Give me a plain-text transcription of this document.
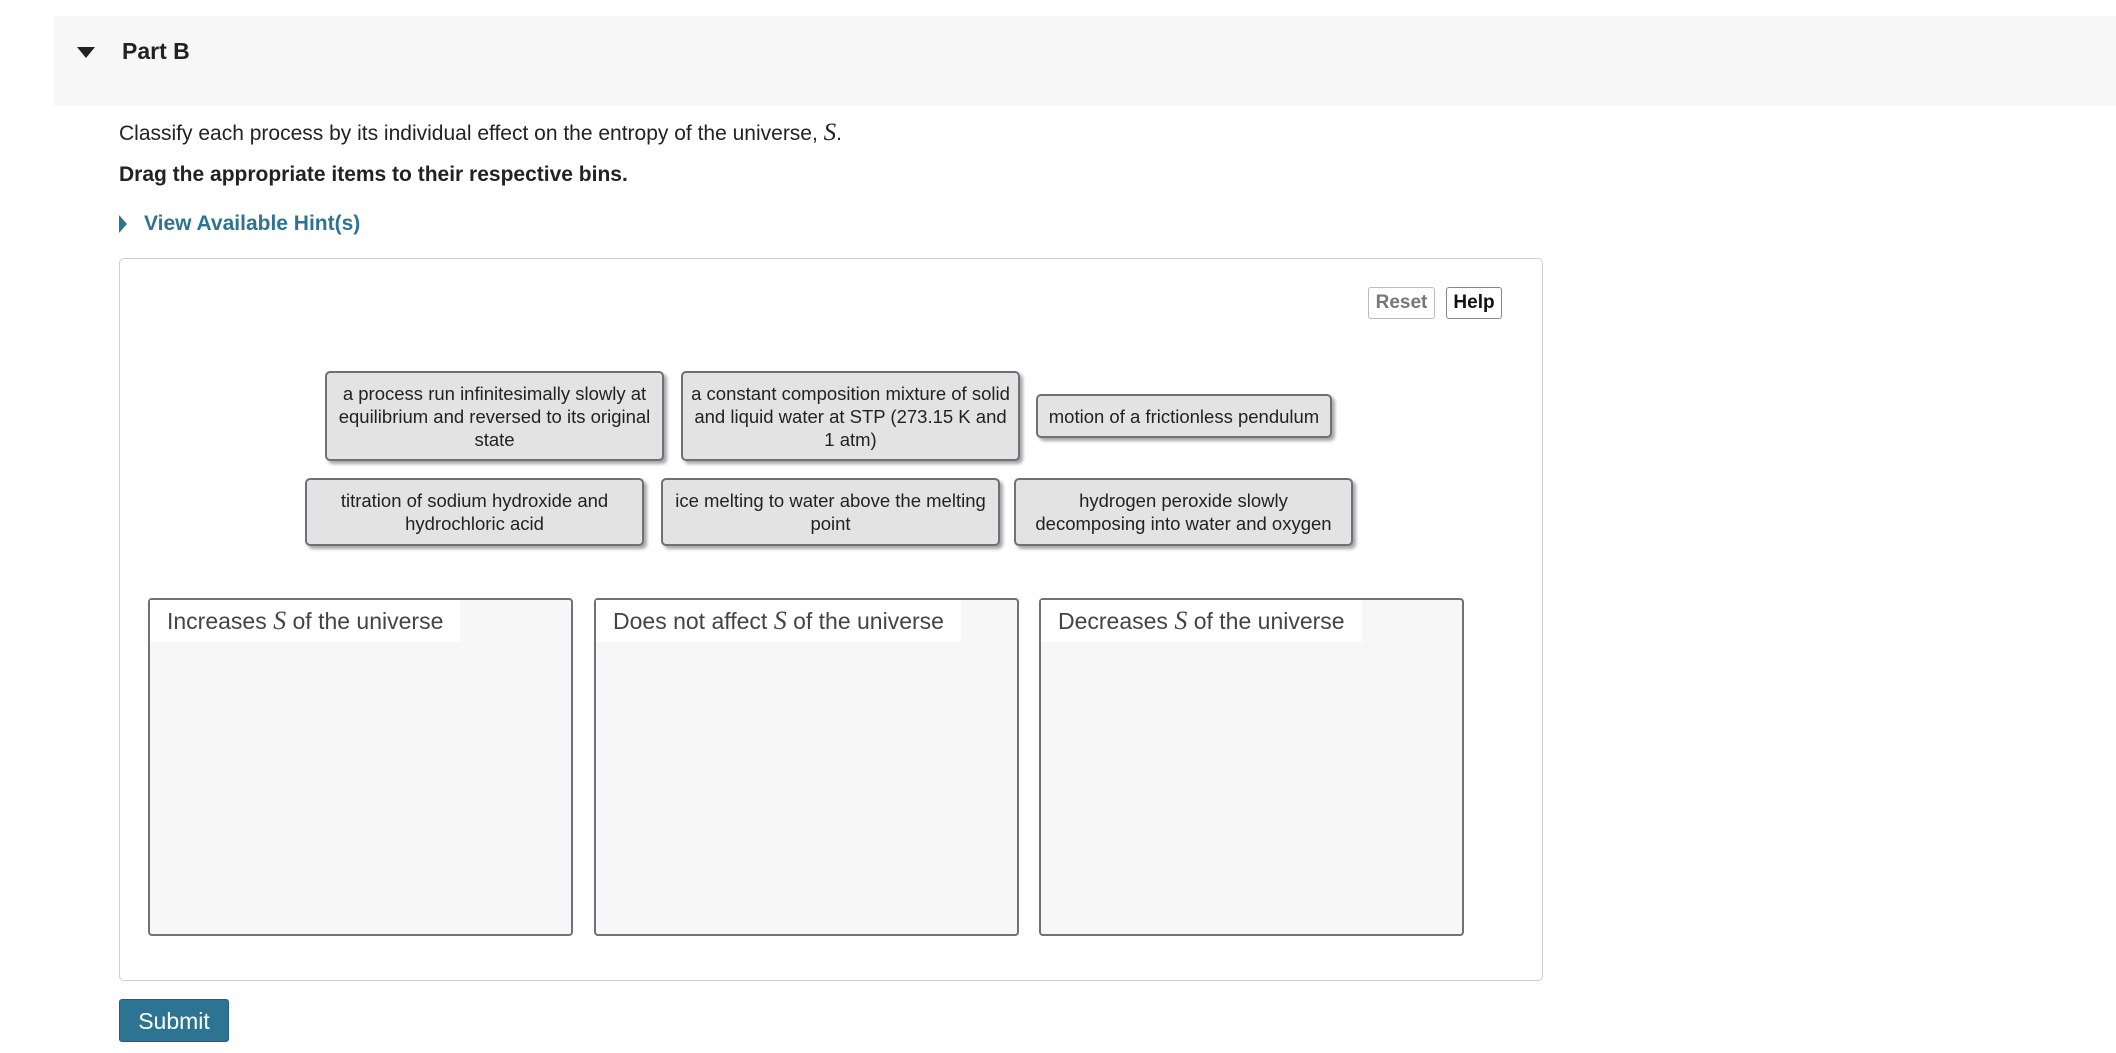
Part B
Classify each process by its individual effect on the entropy of the universe, S.
Drag the appropriate items to their respective bins.
View Available Hint(s)
Reset	Help
a process run infinitesimally slowly at equilibrium and reversed to its original state
a constant composition mixture of solid and liquid water at STP (273.15 K and 1 atm)
motion of a frictionless pendulum
titration of sodium hydroxide and hydrochloric acid
ice melting to water above the melting point
hydrogen peroxide slowly decomposing into water and oxygen
Increases S of the universe	Does not affect S of the universe	Decreases S of the universe
Submit
